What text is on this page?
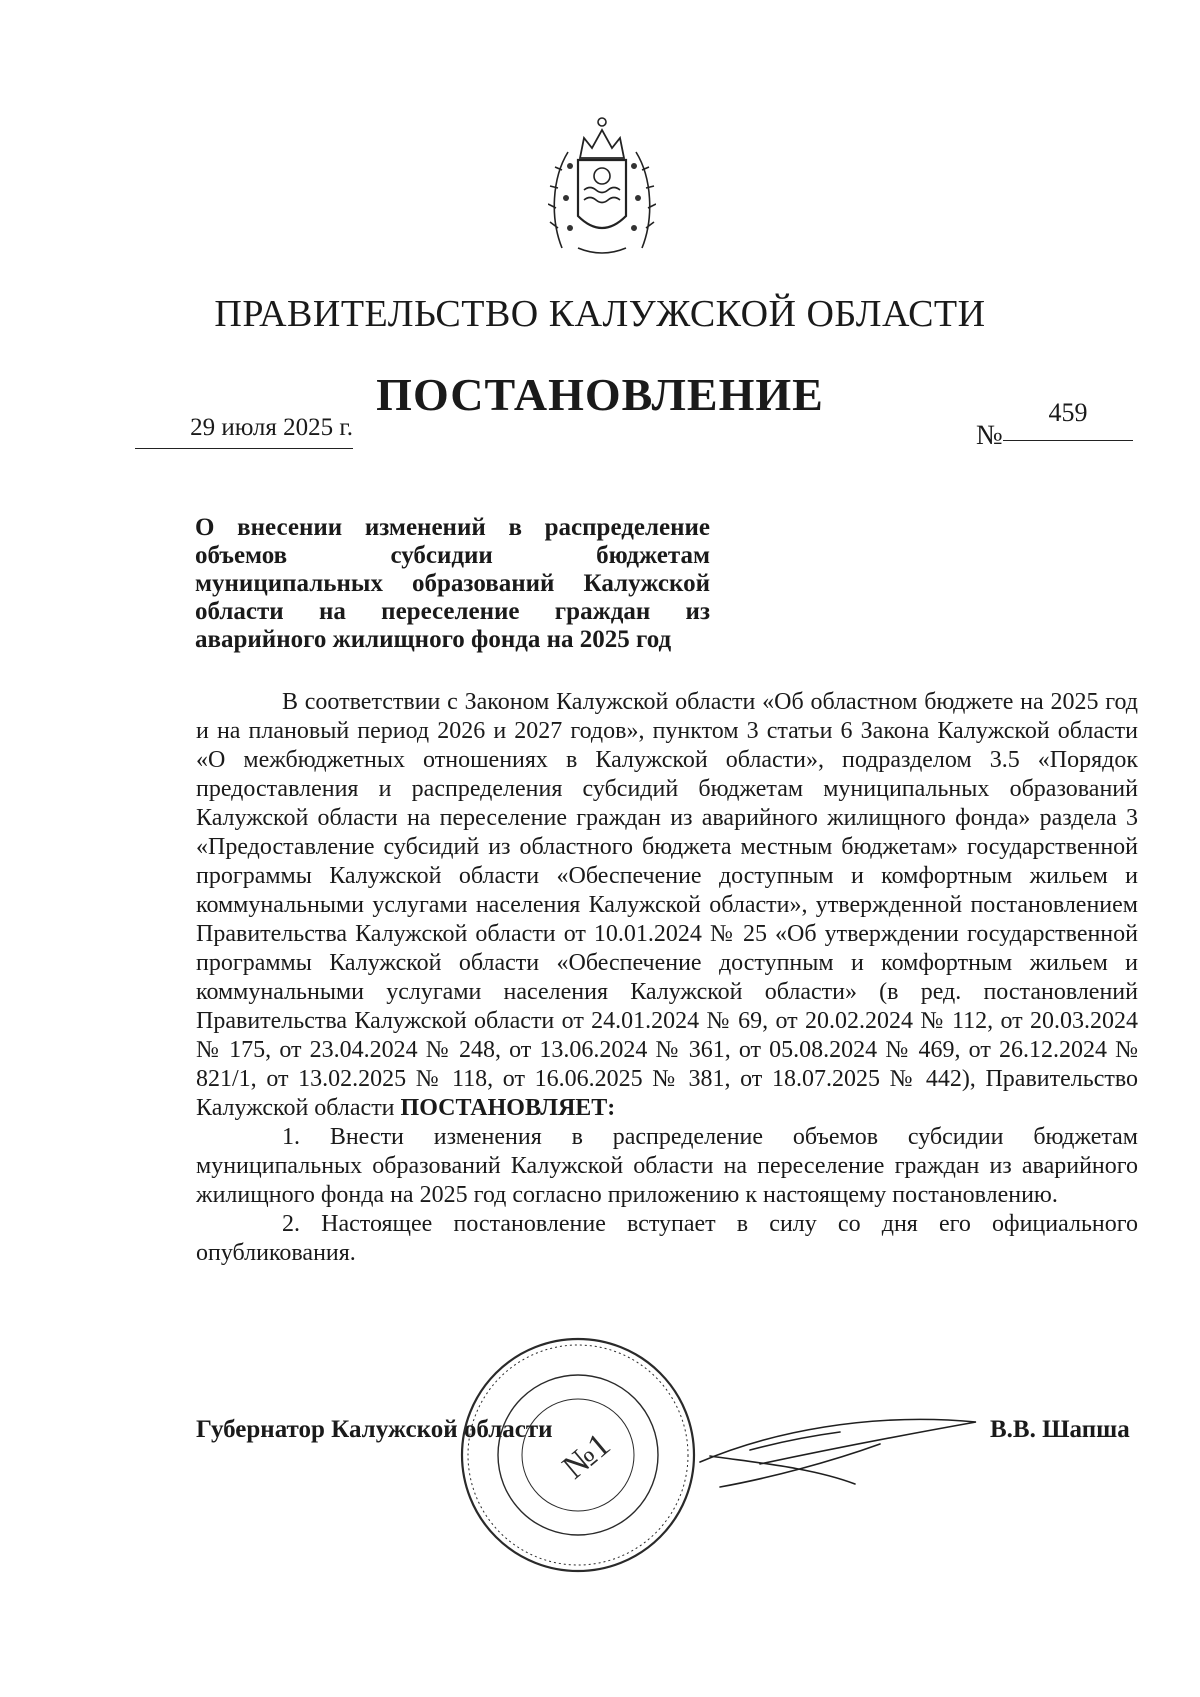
ПРАВИТЕЛЬСТВО КАЛУЖСКОЙ ОБЛАСТИ
ПОСТАНОВЛЕНИЕ
29 июля 2025 г.	№
459
О внесении изменений в распределение объемов субсидии бюджетам муниципальных образований Калужской области на переселение граждан из аварийного жилищного фонда на 2025 год

В соответствии с Законом Калужской области «Об областном бюджете на 2025 год и на плановый период 2026 и 2027 годов», пунктом 3 статьи 6 Закона Калужской области «О межбюджетных отношениях в Калужской области», подразделом 3.5 «Порядок предоставления и распределения субсидий бюджетам муниципальных образований Калужской области на переселение граждан из аварийного жилищного фонда» раздела 3 «Предоставление субсидий из областного бюджета местным бюджетам» государственной программы Калужской области «Обеспечение доступным и комфортным жильем и коммунальными услугами населения Калужской области», утвержденной постановлением Правительства Калужской области от 10.01.2024 № 25 «Об утверждении государственной программы Калужской области «Обеспечение доступным и комфортным жильем и коммунальными услугами населения Калужской области» (в ред. постановлений Правительства Калужской области от 24.01.2024 № 69, от 20.02.2024 № 112, от 20.03.2024 № 175, от 23.04.2024 № 248, от 13.06.2024 № 361, от 05.08.2024 № 469, от 26.12.2024 № 821/1, от 13.02.2025 № 118, от 16.06.2025 № 381, от 18.07.2025 № 442), Правительство Калужской области ПОСТАНОВЛЯЕТ:

1. Внести изменения в распределение объемов субсидии бюджетам муниципальных образований Калужской области на переселение граждан из аварийного жилищного фонда на 2025 год согласно приложению к настоящему постановлению.

2. Настоящее постановление вступает в силу со дня его официального опубликования.

Губернатор Калужской области	В.В. Шапша
№1
